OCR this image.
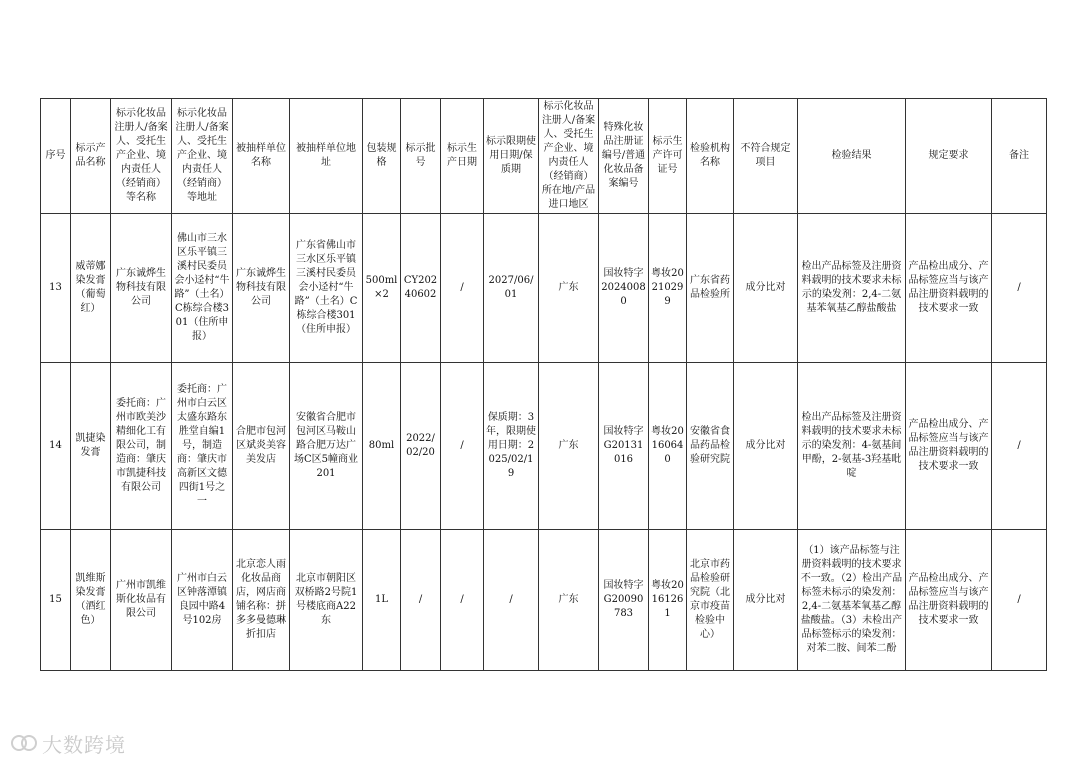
序号	标示产品名称	标示化妆品注册人/备案人、受托生产企业、境内责任人（经销商）等名称	标示化妆品注册人/备案人、受托生产企业、境内责任人（经销商）等地址	被抽样单位名称	被抽样单位地址	包装规格	标示批号	标示生产日期	标示限期使用日期/保质期	标示化妆品注册人/备案人、受托生产企业、境内责任人（经销商）所在地/产品进口地区	特殊化妆品注册证编号/普通化妆品备案编号	标示生产许可证号	检验机构名称	不符合规定项目	检验结果	规定要求	备注
13	威蒂娜染发膏（葡萄红）	广东诚烨生物科技有限公司	佛山市三水区乐平镇三溪村民委员会小迳村“牛路”（土名）C栋综合楼301（住所申报）	广东诚烨生物科技有限公司	广东省佛山市三水区乐平镇三溪村民委员会小迳村“牛路”（土名）C栋综合楼301（住所申报）	500ml×2	CY20240602	/	2027/06/01	广东	国妆特字20240080	粤妆20210299	广东省药品检验所	成分比对	检出产品标签及注册资料载明的技术要求未标示的染发剂：2,4-二氨基苯氧基乙醇盐酸盐	产品检出成分、产品标签应当与该产品注册资料载明的技术要求一致	/
14	凯捷染发膏	委托商：广州市欧美沙精细化工有限公司，制造商：肇庆市凯捷科技有限公司	委托商：广州市白云区太盛东路东胜堂自编1号，制造商：肇庆市高新区文德四街1号之一	合肥市包河区斌炎美容美发店	安徽省合肥市包河区马鞍山路合肥万达广场C区5幢商业201	80ml	2022/02/20	/	保质期：3年，限期使用日期：2025/02/19	广东	国妆特字G20131016	粤妆20160640	安徽省食品药品检验研究院	成分比对	检出产品标签及注册资料载明的技术要求未标示的染发剂：4-氨基间甲酚，2-氨基-3羟基吡啶	产品检出成分、产品标签应当与该产品注册资料载明的技术要求一致	/
15	凯维斯染发膏（酒红色）	广州市凯维斯化妆品有限公司	广州市白云区钟落潭镇良园中路4号102房	北京恋人雨化妆品商店，网店商铺名称：拼多多曼德琳折扣店	北京市朝阳区双桥路2号院1号楼底商A22东	1L	/	/	/	广东	国妆特字G20090783	粤妆20161261	北京市药品检验研究院（北京市疫苗检验中心）	成分比对	（1）该产品标签与注册资料载明的技术要求不一致。（2）检出产品标签未标示的染发剂：2,4-二氨基苯氧基乙醇盐酸盐。（3）未检出产品标签标示的染发剂：对苯二胺、间苯二酚	产品检出成分、产品标签应当与该产品注册资料载明的技术要求一致	/
大数跨境
